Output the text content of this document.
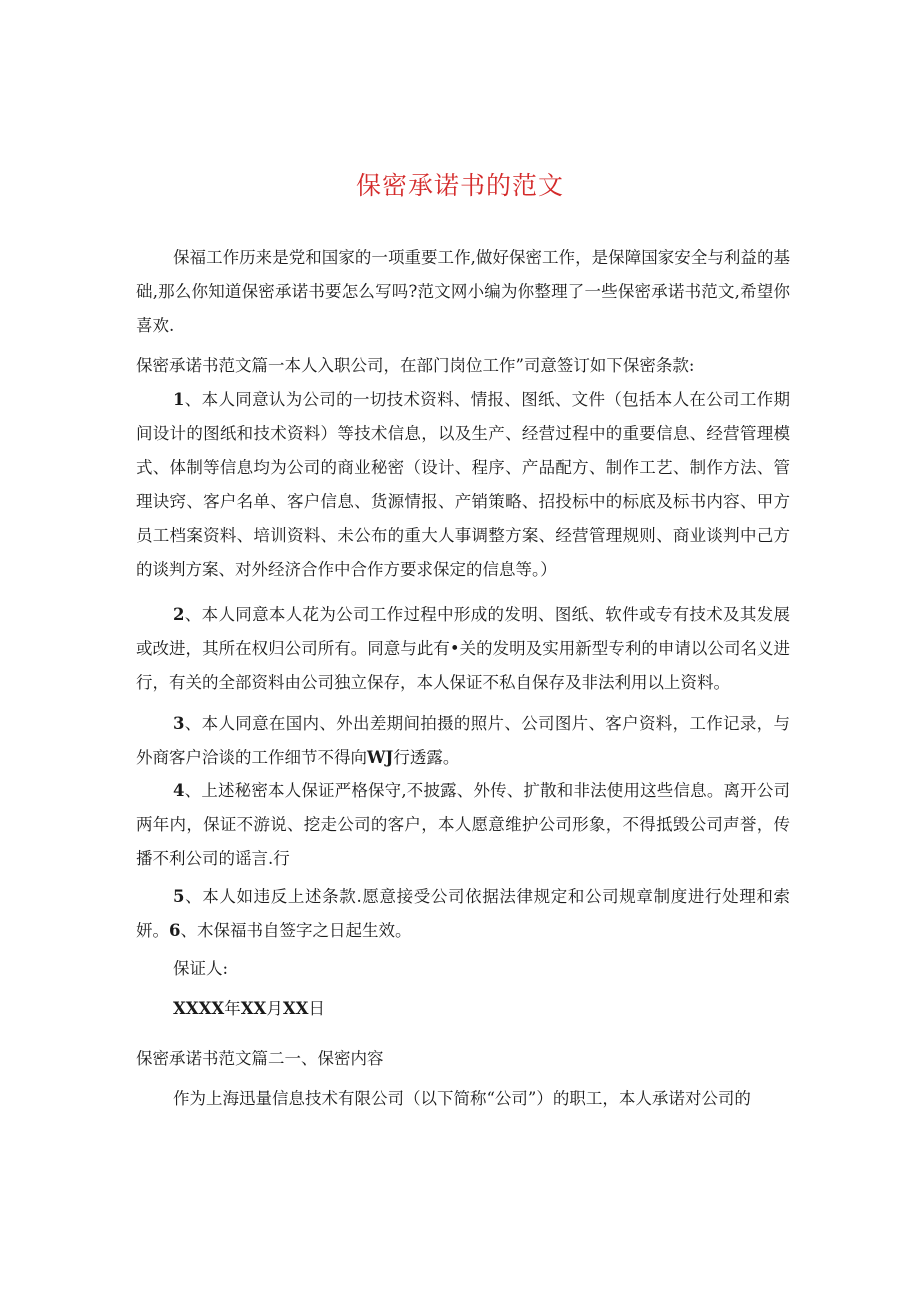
保密承诺书的范文

保福工作历来是党和国家的一项重要工作,做好保密工作，是保障国家安全与利益的基础,那么你知道保密承诺书要怎么写吗?范文网小编为你整理了一些保密承诺书范文,希望你喜欢.

保密承诺书范文篇一本人入职公司，在部门岗位工作”司意签订如下保密条款:

1、本人同意认为公司的一切技术资料、情报、图纸、文件（包括本人在公司工作期间设计的图纸和技术资料）等技术信息，以及生产、经营过程中的重要信息、经营管理模式、体制等信息均为公司的商业秘密（设计、程序、产品配方、制作工艺、制作方法、管理诀窍、客户名单、客户信息、货源情报、产销策略、招投标中的标底及标书内容、甲方员工档案资料、培训资料、未公布的重大人事调整方案、经营管理规则、商业谈判中己方的谈判方案、对外经济合作中合作方要求保定的信息等。）

2、本人同意本人花为公司工作过程中形成的发明、图纸、软件或专有技术及其发展或改进，其所在权归公司所有。同意与此有•关的发明及实用新型专利的申请以公司名义进行，有关的全部资料由公司独立保存，本人保证不私自保存及非法利用以上资料。

3、本人同意在国内、外出差期间拍摄的照片、公司图片、客户资料，工作记录，与外商客户洽谈的工作细节不得向WJ行透露。

4、上述秘密本人保证严格保守,不披露、外传、扩散和非法使用这些信息。离开公司两年内，保证不游说、挖走公司的客户，本人愿意维护公司形象，不得抵毁公司声誉，传播不利公司的谣言.行

5、本人如违反上述条款.愿意接受公司依据法律规定和公司规章制度进行处理和索妍。6、木保福书自签字之日起生效。

保证人:

XXXX年XX月XX日

保密承诺书范文篇二一、保密内容

作为上海迅量信息技术有限公司（以下简称“公司”）的职工，本人承诺对公司的
